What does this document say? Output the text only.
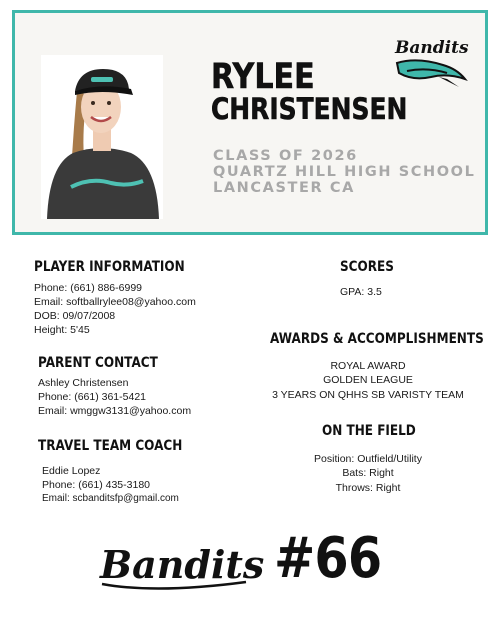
Bandits
RYLEE
CHRISTENSEN
CLASS OF 2026
QUARTZ HILL HIGH SCHOOL
LANCASTER CA
PLAYER INFORMATION
Phone: (661) 886-6999
Email: softballrylee08@yahoo.com
DOB: 09/07/2008
Height: 5'45
PARENT CONTACT
Ashley Christensen
Phone: (661) 361-5421
Email: wmggw3131@yahoo.com
TRAVEL TEAM COACH
Eddie Lopez
Phone: (661) 435-3180
Email: scbanditsfp@gmail.com
SCORES
GPA: 3.5
AWARDS & ACCOMPLISHMENTS
ROYAL AWARD
GOLDEN LEAGUE
3 YEARS ON QHHS SB VARISTY TEAM
ON THE FIELD
Position: Outfield/Utility
Bats: Right
Throws: Right
Bandits #66
